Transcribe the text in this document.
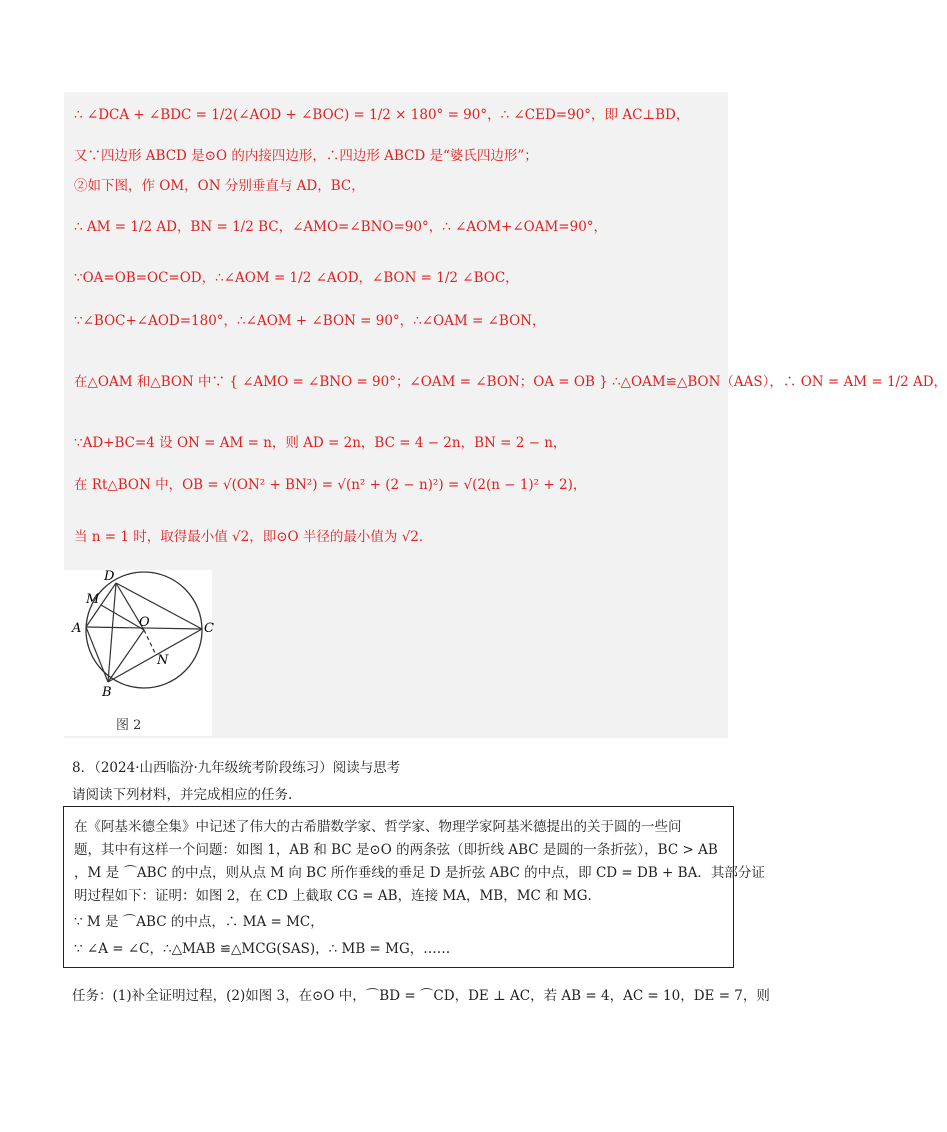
∴ ∠DCA + ∠BDC = 1/2(∠AOD + ∠BOC) = 1/2 × 180° = 90°，∴ ∠CED=90°，即 AC⊥BD，
又∵四边形 ABCD 是⊙O 的内接四边形，∴四边形 ABCD 是“婆氏四边形”；
②如下图，作 OM，ON 分别垂直与 AD，BC，
∴ AM = 1/2 AD，BN = 1/2 BC，∠AMO=∠BNO=90°，∴ ∠AOM+∠OAM=90°，
∵OA=OB=OC=OD，∴∠AOM = 1/2 ∠AOD，∠BON = 1/2 ∠BOC，
∵∠BOC+∠AOD=180°，∴∠AOM + ∠BON = 90°，∴∠OAM = ∠BON，
在△OAM 和△BON 中∵ { ∠AMO = ∠BNO = 90°；∠OAM = ∠BON；OA = OB } ∴△OAM≌△BON（AAS），∴ ON = AM = 1/2 AD，
∵AD+BC=4 设 ON = AM = n，则 AD = 2n，BC = 4 − 2n，BN = 2 − n，
在 Rt△BON 中，OB = √(ON² + BN²) = √(n² + (2 − n)²) = √(2(n − 1)² + 2)，
当 n = 1 时，取得最小值 √2，即⊙O 半径的最小值为 √2．
D
M
A	O	C
N
B
图 2
8．（2024·山西临汾·九年级统考阶段练习）阅读与思考
请阅读下列材料，并完成相应的任务.
在《阿基米德全集》中记述了伟大的古希腊数学家、哲学家、物理学家阿基米德提出的关于圆的一些问
题，其中有这样一个问题：如图 1，AB 和 BC 是⊙O 的两条弦（即折线 ABC 是圆的一条折弦），BC > AB
，M 是 ⌒ABC 的中点，则从点 M 向 BC 所作垂线的垂足 D 是折弦 ABC 的中点，即 CD = DB + BA．其部分证
明过程如下：证明：如图 2，在 CD 上截取 CG = AB，连接 MA，MB，MC 和 MG．
∵ M 是 ⌒ABC 的中点，∴ MA = MC，
∵ ∠A = ∠C，∴△MAB ≌△MCG(SAS)，∴ MB = MG，……
任务：(1)补全证明过程，(2)如图 3，在⊙O 中，⌒BD = ⌒CD，DE ⊥ AC，若 AB = 4，AC = 10，DE = 7，则
